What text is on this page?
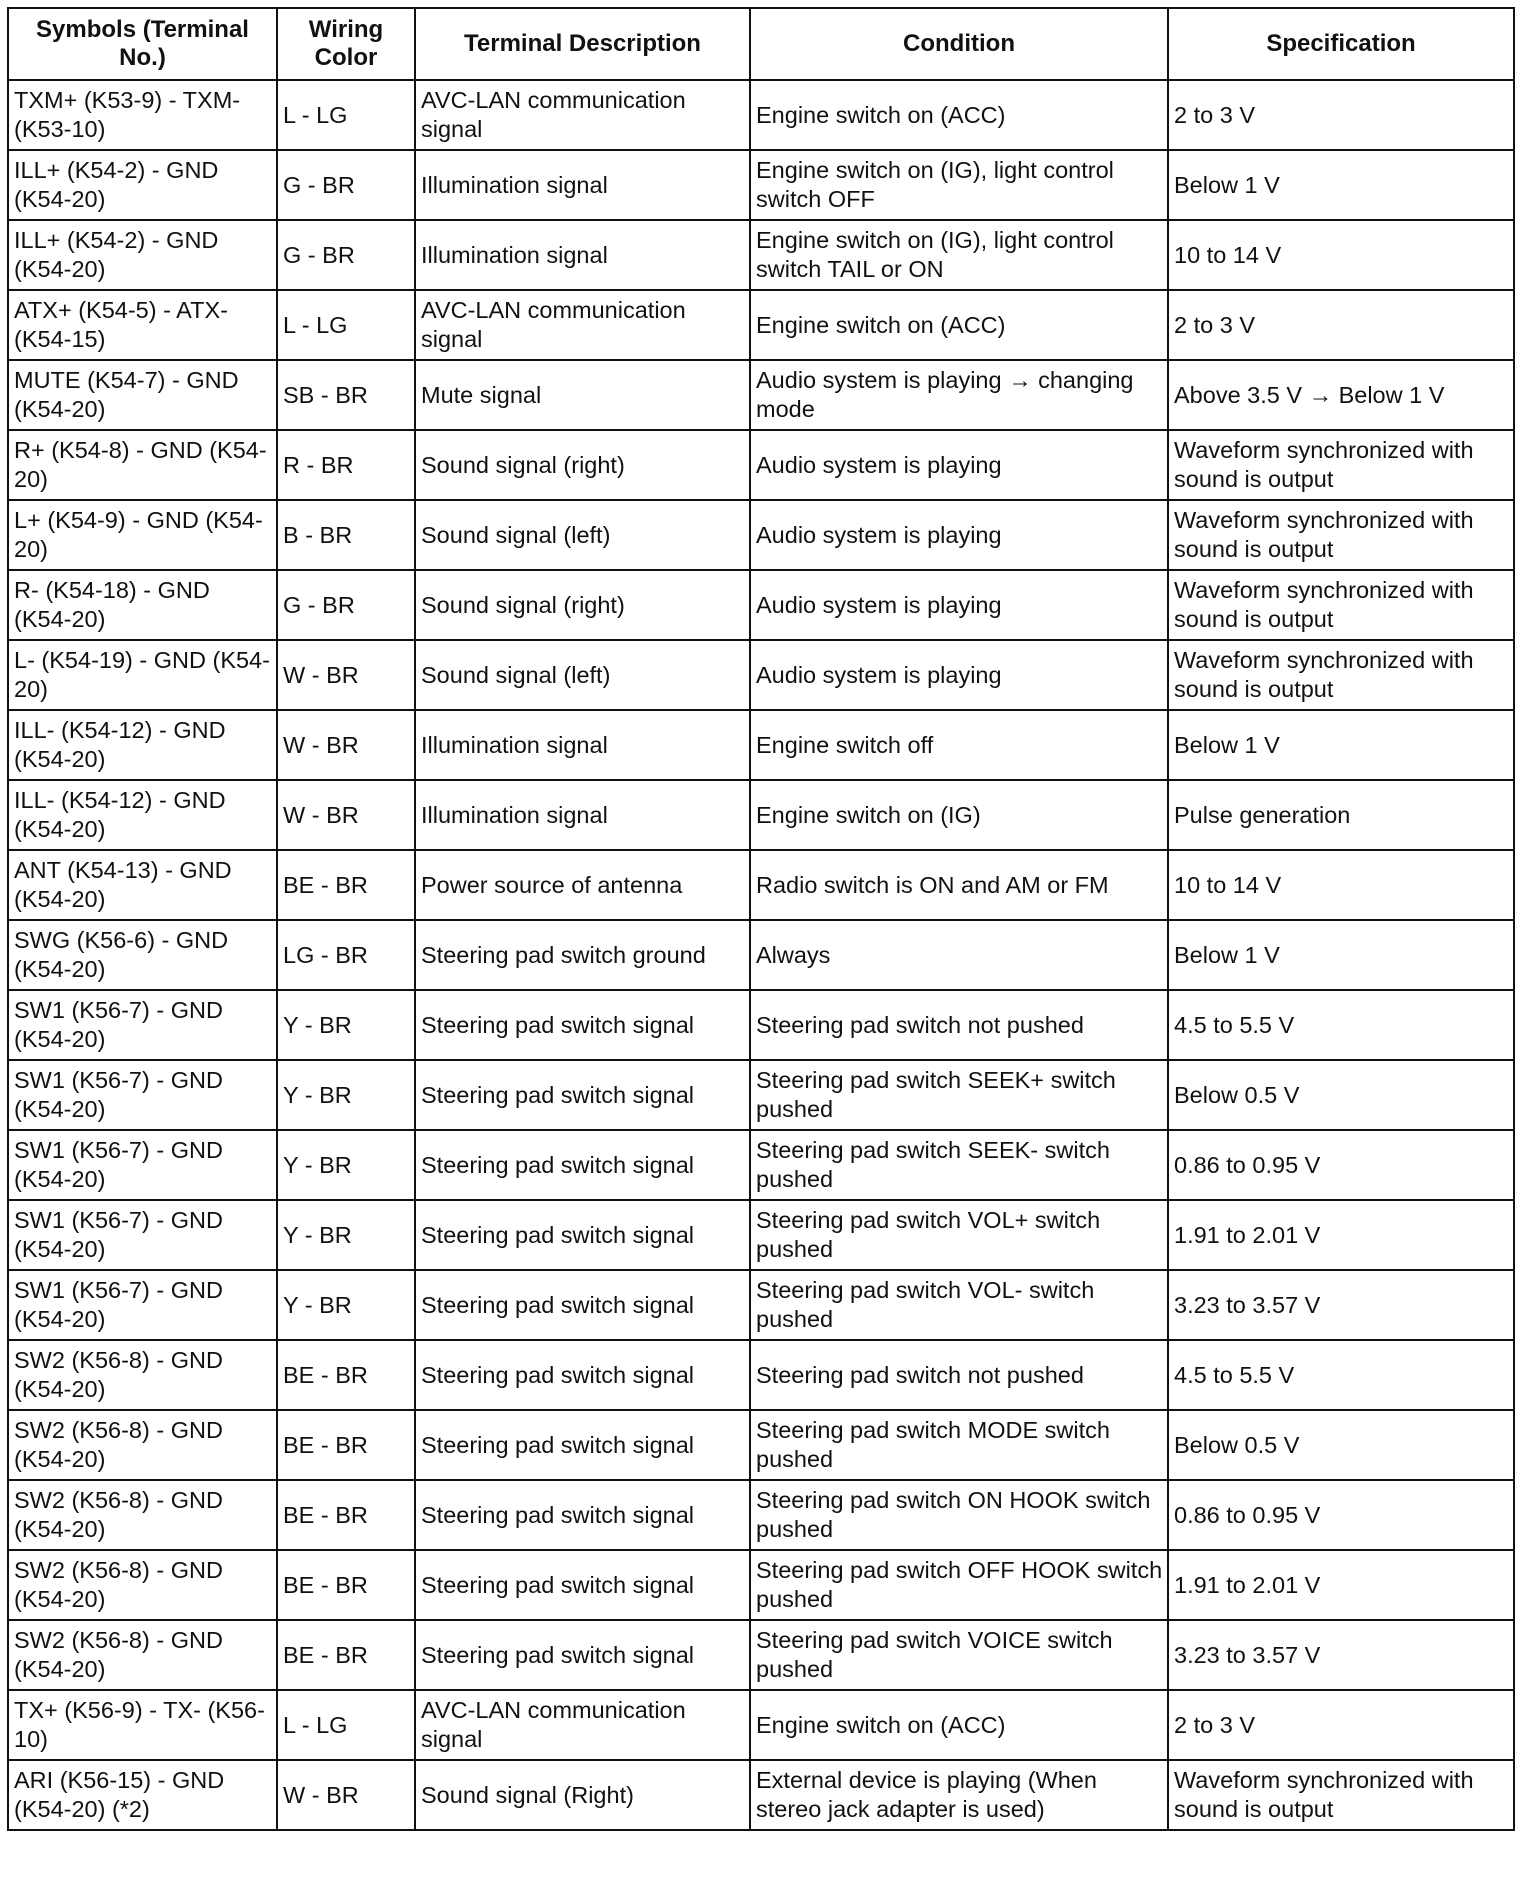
Symbols (Terminal No.)	Wiring Color	Terminal Description	Condition	Specification
TXM+ (K53-9) - TXM- (K53-10)	L - LG	AVC-LAN communication signal	Engine switch on (ACC)	2 to 3 V
ILL+ (K54-2) - GND (K54-20)	G - BR	Illumination signal	Engine switch on (IG), light control switch OFF	Below 1 V
ILL+ (K54-2) - GND (K54-20)	G - BR	Illumination signal	Engine switch on (IG), light control switch TAIL or ON	10 to 14 V
ATX+ (K54-5) - ATX- (K54-15)	L - LG	AVC-LAN communication signal	Engine switch on (ACC)	2 to 3 V
MUTE (K54-7) - GND (K54-20)	SB - BR	Mute signal	Audio system is playing → changing mode	Above 3.5 V → Below 1 V
R+ (K54-8) - GND (K54-20)	R - BR	Sound signal (right)	Audio system is playing	Waveform synchronized with sound is output
L+ (K54-9) - GND (K54-20)	B - BR	Sound signal (left)	Audio system is playing	Waveform synchronized with sound is output
R- (K54-18) - GND (K54-20)	G - BR	Sound signal (right)	Audio system is playing	Waveform synchronized with sound is output
L- (K54-19) - GND (K54-20)	W - BR	Sound signal (left)	Audio system is playing	Waveform synchronized with sound is output
ILL- (K54-12) - GND (K54-20)	W - BR	Illumination signal	Engine switch off	Below 1 V
ILL- (K54-12) - GND (K54-20)	W - BR	Illumination signal	Engine switch on (IG)	Pulse generation
ANT (K54-13) - GND (K54-20)	BE - BR	Power source of antenna	Radio switch is ON and AM or FM	10 to 14 V
SWG (K56-6) - GND (K54-20)	LG - BR	Steering pad switch ground	Always	Below 1 V
SW1 (K56-7) - GND (K54-20)	Y - BR	Steering pad switch signal	Steering pad switch not pushed	4.5 to 5.5 V
SW1 (K56-7) - GND (K54-20)	Y - BR	Steering pad switch signal	Steering pad switch SEEK+ switch pushed	Below 0.5 V
SW1 (K56-7) - GND (K54-20)	Y - BR	Steering pad switch signal	Steering pad switch SEEK- switch pushed	0.86 to 0.95 V
SW1 (K56-7) - GND (K54-20)	Y - BR	Steering pad switch signal	Steering pad switch VOL+ switch pushed	1.91 to 2.01 V
SW1 (K56-7) - GND (K54-20)	Y - BR	Steering pad switch signal	Steering pad switch VOL- switch pushed	3.23 to 3.57 V
SW2 (K56-8) - GND (K54-20)	BE - BR	Steering pad switch signal	Steering pad switch not pushed	4.5 to 5.5 V
SW2 (K56-8) - GND (K54-20)	BE - BR	Steering pad switch signal	Steering pad switch MODE switch pushed	Below 0.5 V
SW2 (K56-8) - GND (K54-20)	BE - BR	Steering pad switch signal	Steering pad switch ON HOOK switch pushed	0.86 to 0.95 V
SW2 (K56-8) - GND (K54-20)	BE - BR	Steering pad switch signal	Steering pad switch OFF HOOK switch pushed	1.91 to 2.01 V
SW2 (K56-8) - GND (K54-20)	BE - BR	Steering pad switch signal	Steering pad switch VOICE switch pushed	3.23 to 3.57 V
TX+ (K56-9) - TX- (K56-10)	L - LG	AVC-LAN communication signal	Engine switch on (ACC)	2 to 3 V
ARI (K56-15) - GND (K54-20) (*2)	W - BR	Sound signal (Right)	External device is playing (When stereo jack adapter is used)	Waveform synchronized with sound is output
